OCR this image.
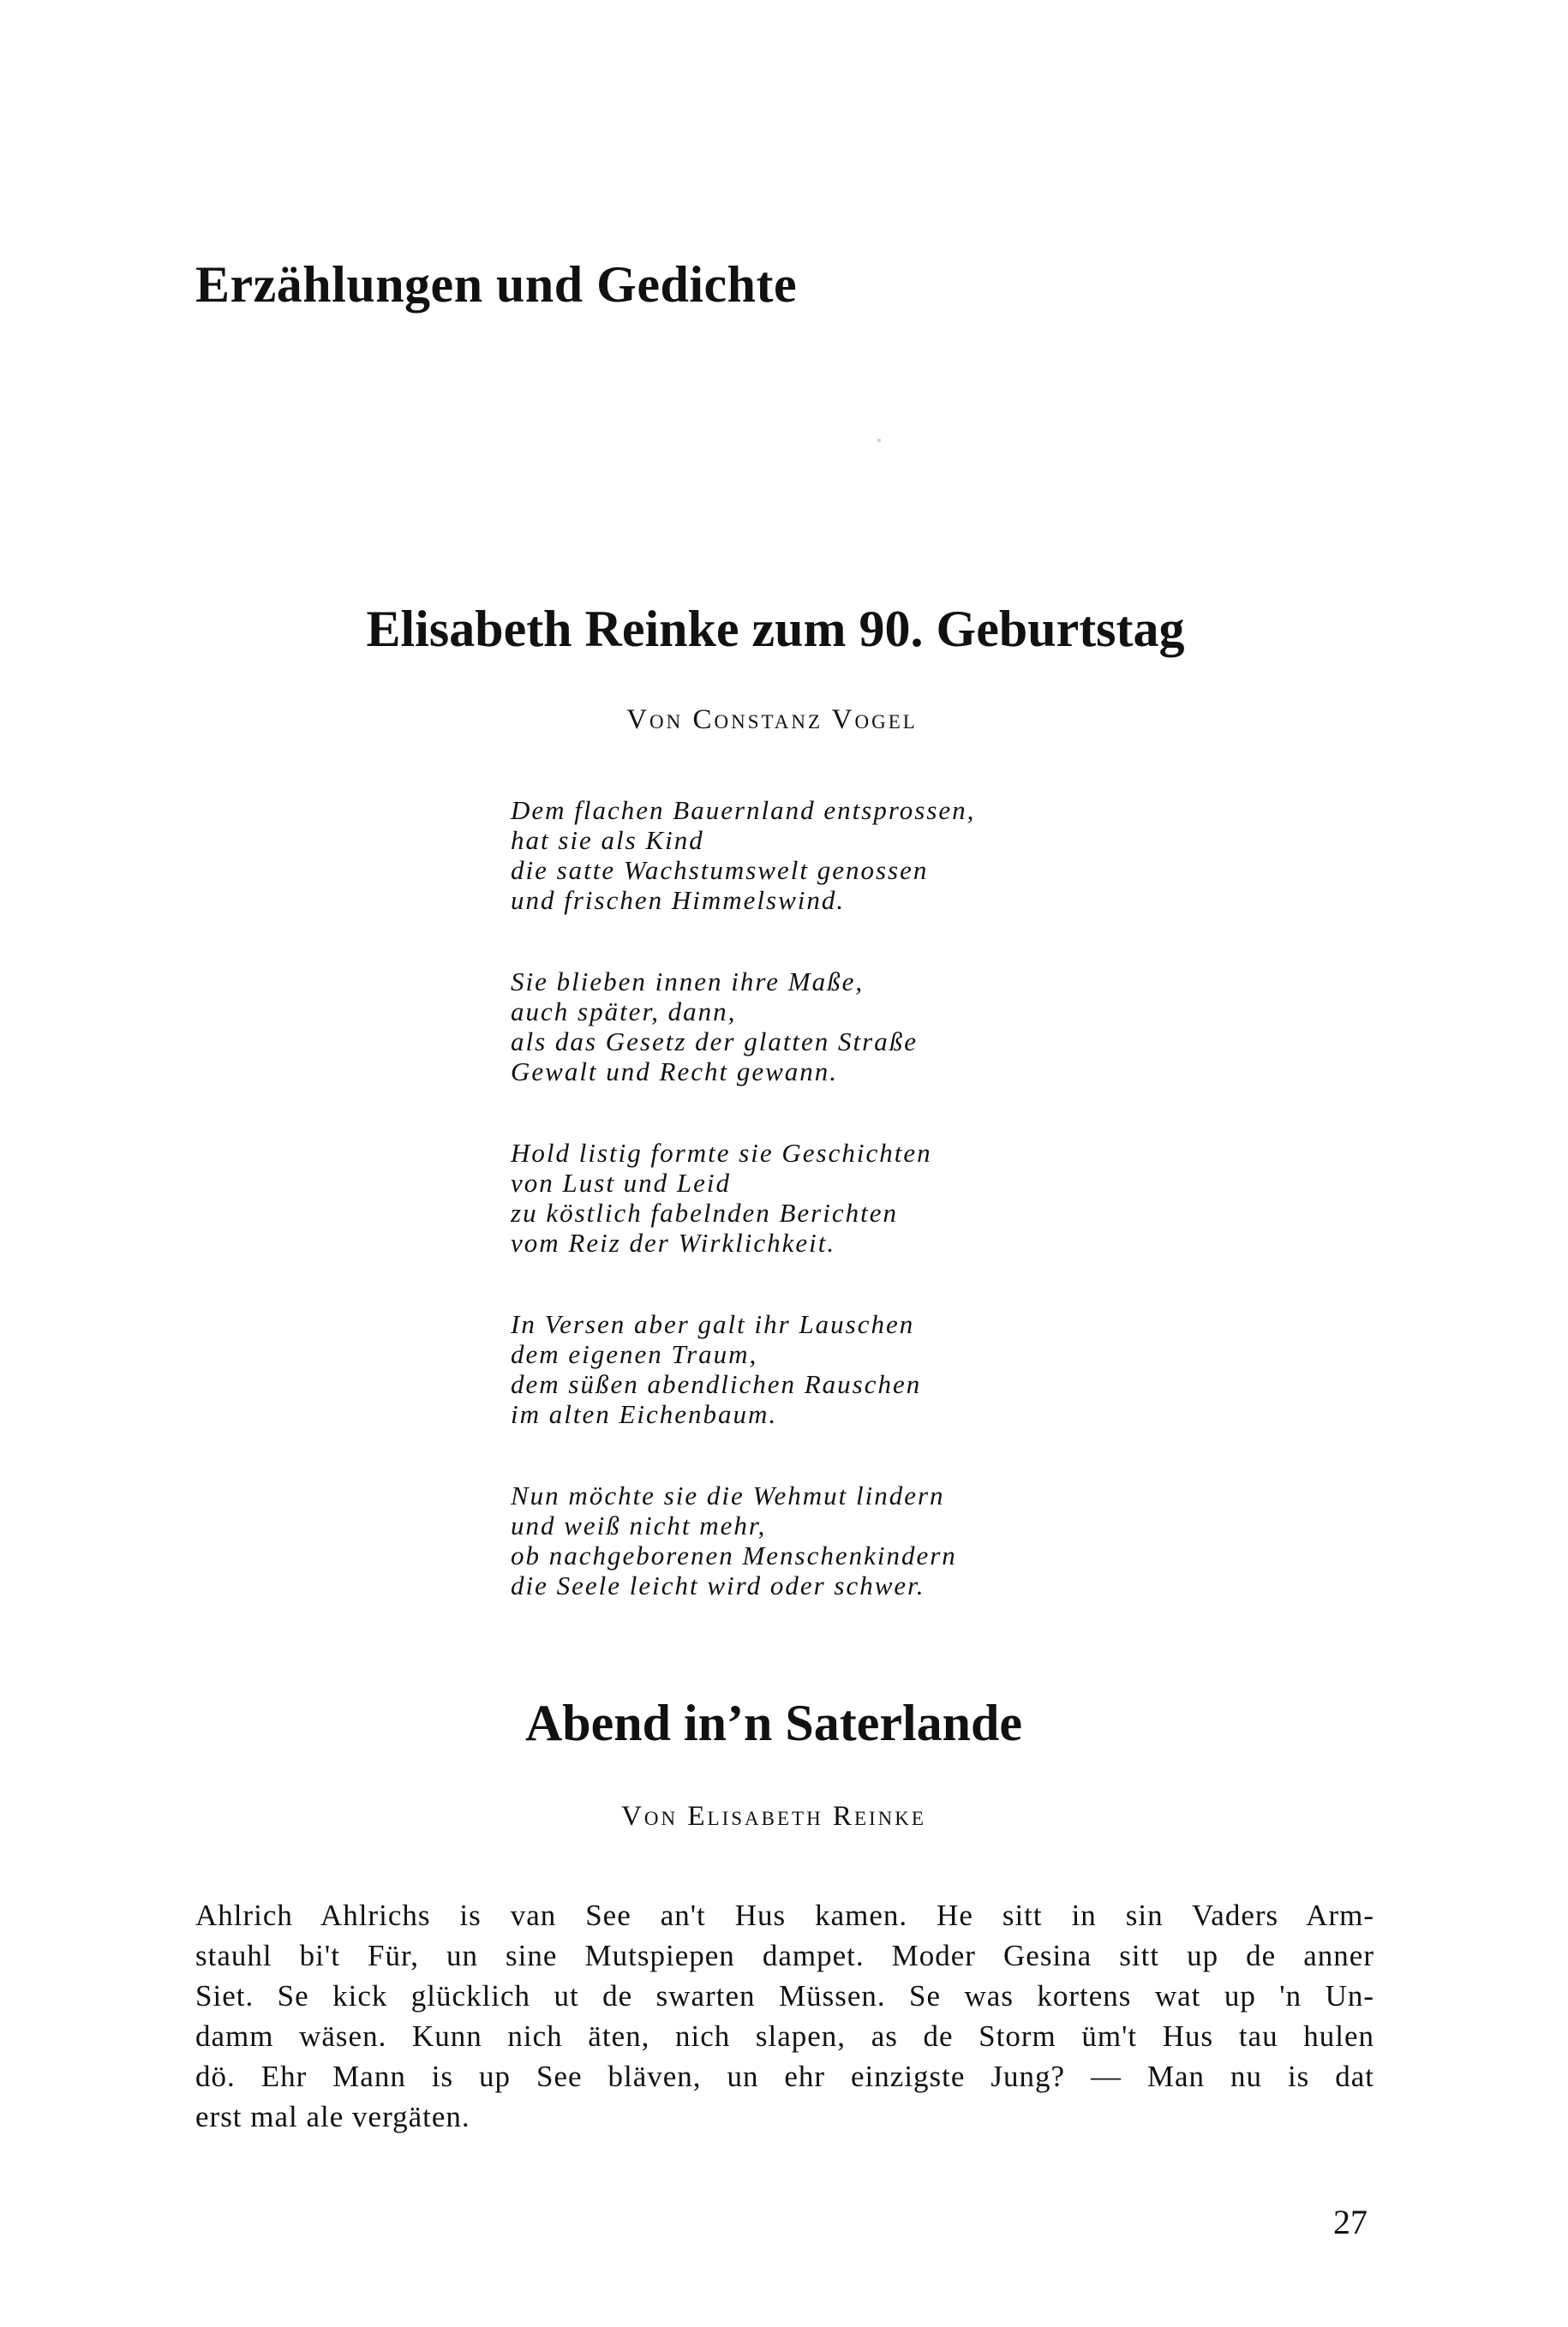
Erzählungen und Gedichte
Elisabeth Reinke zum 90. Geburtstag

Von Constanz Vogel

Dem flachen Bauernland entsprossen,
hat sie als Kind
die satte Wachstumswelt genossen
und frischen Himmelswind.
Sie blieben innen ihre Maße,
auch später, dann,
als das Gesetz der glatten Straße
Gewalt und Recht gewann.
Hold listig formte sie Geschichten
von Lust und Leid
zu köstlich fabelnden Berichten
vom Reiz der Wirklichkeit.
In Versen aber galt ihr Lauschen
dem eigenen Traum,
dem süßen abendlichen Rauschen
im alten Eichenbaum.
Nun möchte sie die Wehmut lindern
und weiß nicht mehr,
ob nachgeborenen Menschenkindern
die Seele leicht wird oder schwer.
Abend in’n Saterlande

Von Elisabeth Reinke

Ahlrich Ahlrichs is van See an't Hus kamen. He sitt in sin Vaders Arm-
stauhl bi't Für, un sine Mutspiepen dampet. Moder Gesina sitt up de anner
Siet. Se kick glücklich ut de swarten Müssen. Se was kortens wat up 'n Un-
damm wäsen. Kunn nich äten, nich slapen, as de Storm üm't Hus tau hulen
dö. Ehr Mann is up See bläven, un ehr einzigste Jung? — Man nu is dat
erst mal ale vergäten.

27
